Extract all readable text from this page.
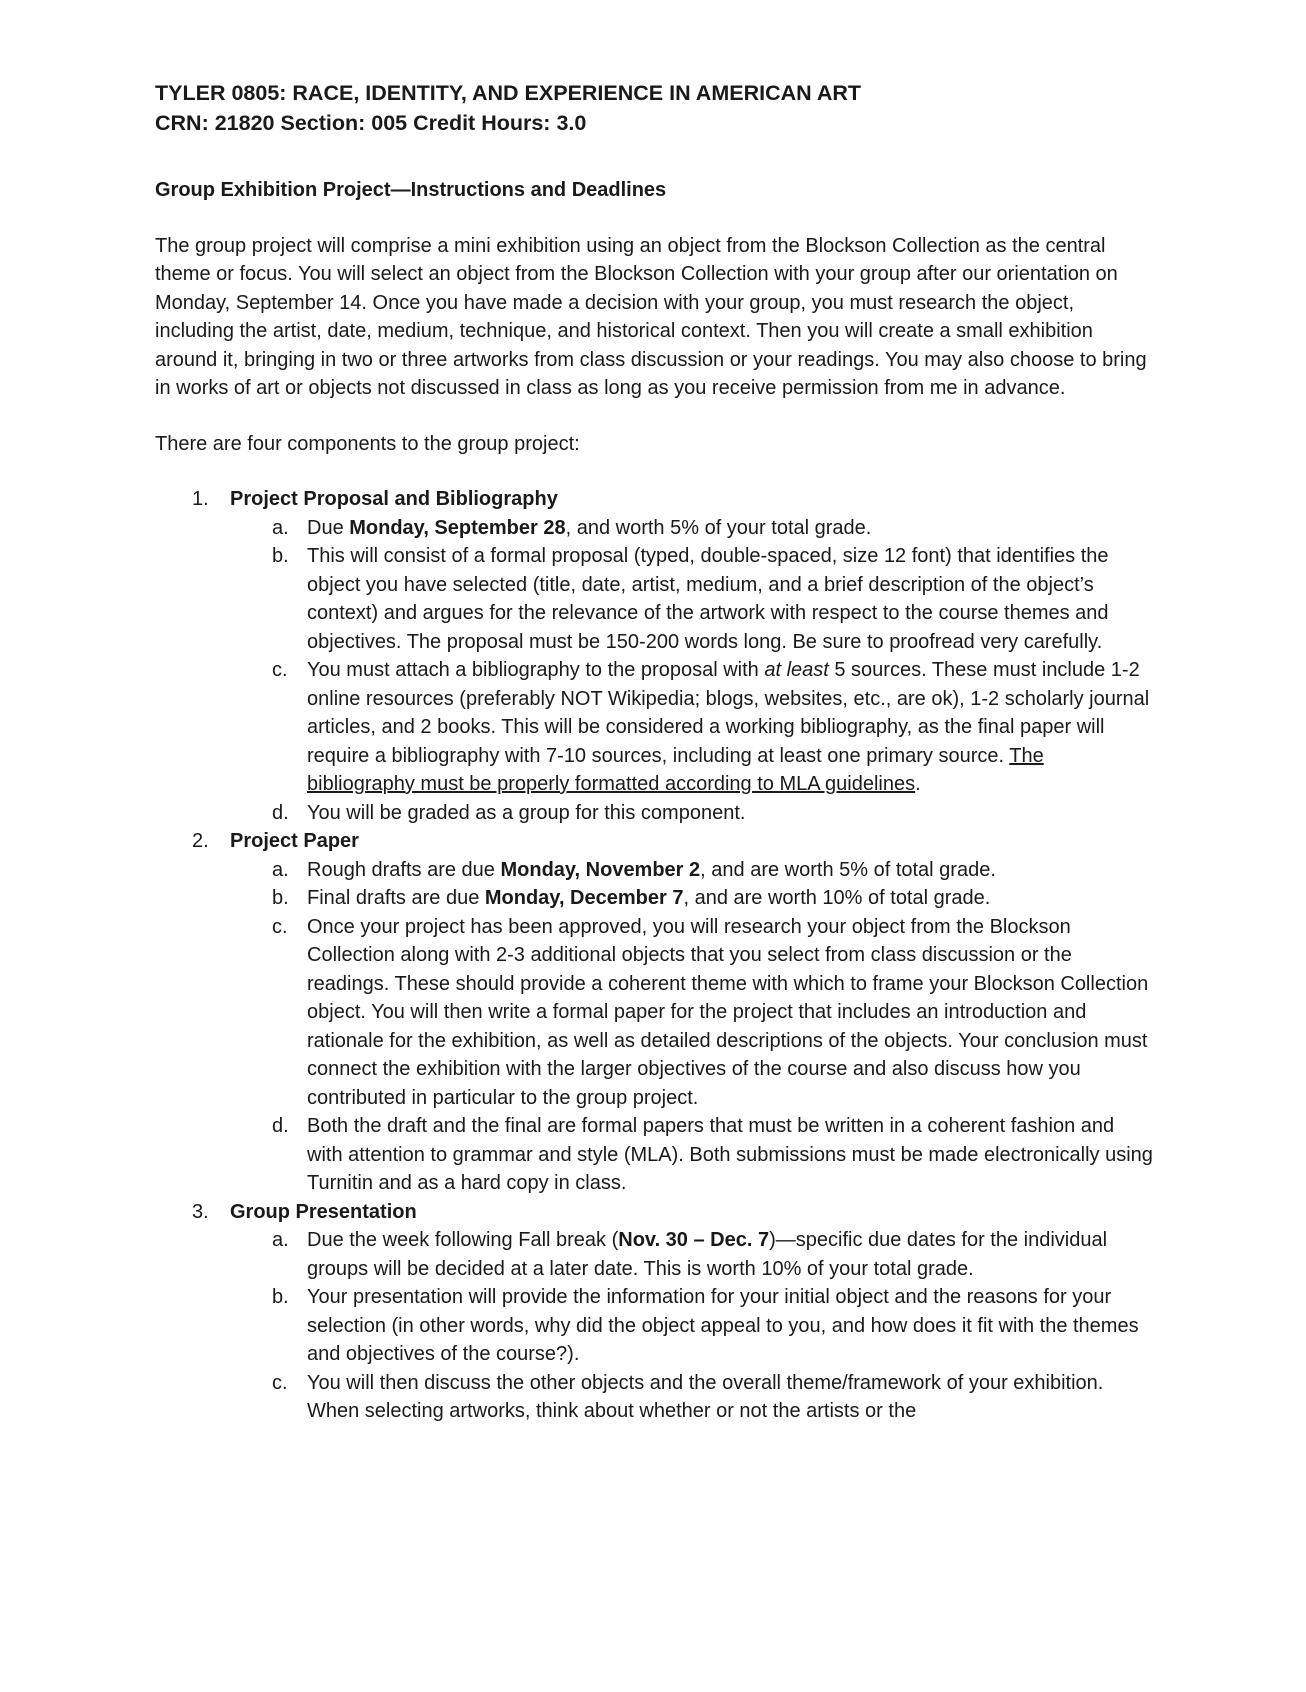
TYLER 0805: RACE, IDENTITY, AND EXPERIENCE IN AMERICAN ART
CRN: 21820 Section: 005 Credit Hours: 3.0

Group Exhibition Project—Instructions and Deadlines

The group project will comprise a mini exhibition using an object from the Blockson Collection as the central theme or focus. You will select an object from the Blockson Collection with your group after our orientation on Monday, September 14. Once you have made a decision with your group, you must research the object, including the artist, date, medium, technique, and historical context. Then you will create a small exhibition around it, bringing in two or three artworks from class discussion or your readings. You may also choose to bring in works of art or objects not discussed in class as long as you receive permission from me in advance.

There are four components to the group project:

1. Project Proposal and Bibliography
a. Due Monday, September 28, and worth 5% of your total grade.
b. This will consist of a formal proposal (typed, double-spaced, size 12 font) that identifies the object you have selected (title, date, artist, medium, and a brief description of the object’s context) and argues for the relevance of the artwork with respect to the course themes and objectives. The proposal must be 150-200 words long. Be sure to proofread very carefully.
c. You must attach a bibliography to the proposal with at least 5 sources. These must include 1-2 online resources (preferably NOT Wikipedia; blogs, websites, etc., are ok), 1-2 scholarly journal articles, and 2 books. This will be considered a working bibliography, as the final paper will require a bibliography with 7-10 sources, including at least one primary source. The bibliography must be properly formatted according to MLA guidelines.
d. You will be graded as a group for this component.
2. Project Paper
a. Rough drafts are due Monday, November 2, and are worth 5% of total grade.
b. Final drafts are due Monday, December 7, and are worth 10% of total grade.
c. Once your project has been approved, you will research your object from the Blockson Collection along with 2-3 additional objects that you select from class discussion or the readings. These should provide a coherent theme with which to frame your Blockson Collection object. You will then write a formal paper for the project that includes an introduction and rationale for the exhibition, as well as detailed descriptions of the objects. Your conclusion must connect the exhibition with the larger objectives of the course and also discuss how you contributed in particular to the group project.
d. Both the draft and the final are formal papers that must be written in a coherent fashion and with attention to grammar and style (MLA). Both submissions must be made electronically using Turnitin and as a hard copy in class.
3. Group Presentation
a. Due the week following Fall break (Nov. 30 – Dec. 7)—specific due dates for the individual groups will be decided at a later date. This is worth 10% of your total grade.
b. Your presentation will provide the information for your initial object and the reasons for your selection (in other words, why did the object appeal to you, and how does it fit with the themes and objectives of the course?).
c. You will then discuss the other objects and the overall theme/framework of your exhibition. When selecting artworks, think about whether or not the artists or the
